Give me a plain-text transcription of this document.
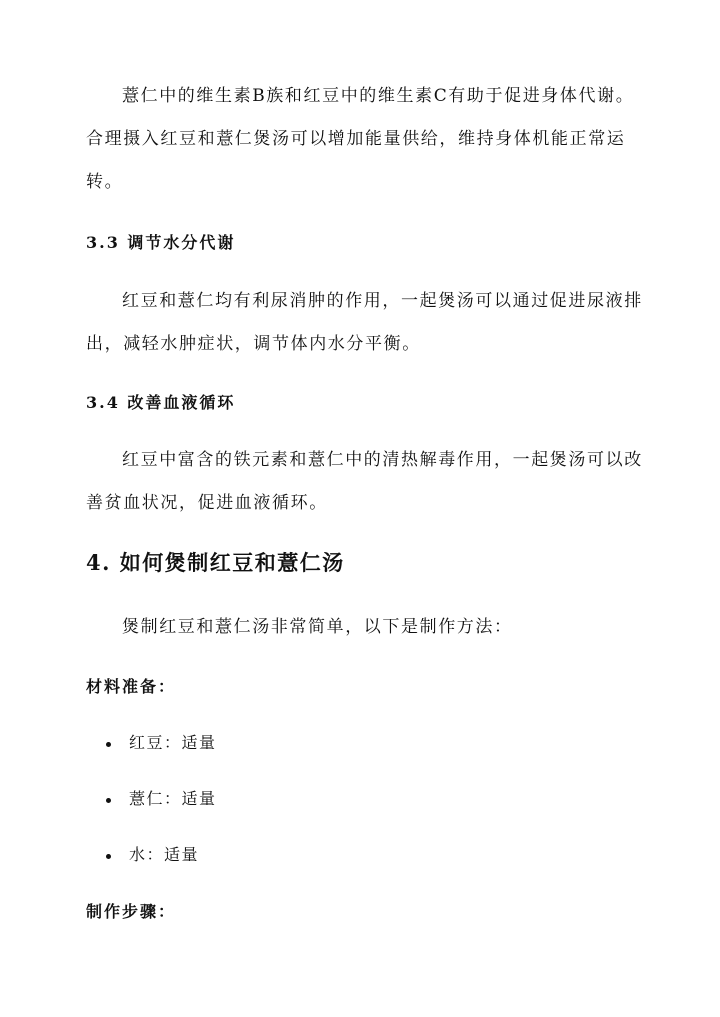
薏仁中的维生素B族和红豆中的维生素C有助于促进身体代谢。合理摄入红豆和薏仁煲汤可以增加能量供给，维持身体机能正常运转。

3.3 调节水分代谢

红豆和薏仁均有利尿消肿的作用，一起煲汤可以通过促进尿液排出，减轻水肿症状，调节体内水分平衡。

3.4 改善血液循环

红豆中富含的铁元素和薏仁中的清热解毒作用，一起煲汤可以改善贫血状况，促进血液循环。

4. 如何煲制红豆和薏仁汤

煲制红豆和薏仁汤非常简单，以下是制作方法：

材料准备：
红豆：适量
薏仁：适量
水：适量
制作步骤：
